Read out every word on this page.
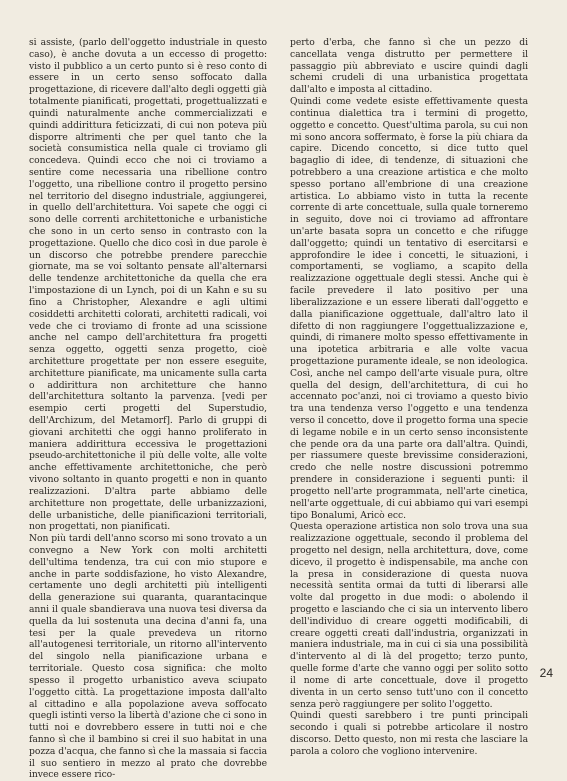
si assiste, (parlo dell'oggetto industriale in questo caso), è anche dovuta a un eccesso di progetto: visto il pubblico a un certo punto si è reso conto di essere in un certo senso soffocato dalla progettazione, di ricevere dall'alto degli oggetti già totalmente pianificati, progettati, progettualizzati e quindi naturalmente anche commercializzati e quindi addirittura feticizzati, di cui non poteva più disporre altrimenti che per quel tanto che la società consumistica nella quale ci troviamo gli concedeva. Quindi ecco che noi ci troviamo a sentire come necessaria una ribellione contro l'oggetto, una ribellione contro il progetto persino nel territorio del disegno industriale, aggiungerei, in quello dell'architettura. Voi sapete che oggi ci sono delle correnti architettoniche e urbanistiche che sono in un certo senso in contrasto con la progettazione. Quello che dico così in due parole è un discorso che potrebbe prendere parecchie giornate, ma se voi soltanto pensate all'alternarsi delle tendenze architettoniche da quella che era l'impostazione di un Lynch, poi di un Kahn e su su fino a Christopher, Alexandre e agli ultimi cosiddetti architetti colorati, architetti radicali, voi vede che ci troviamo di fronte ad una scissione anche nel campo dell'architettura fra progetti senza oggetto, oggetti senza progetto, cioè architetture progettate per non essere eseguite, architetture pianificate, ma unicamente sulla carta o addirittura non architetture che hanno dell'architettura soltanto la parvenza. [vedi per esempio certi progetti del Superstudio, dell'Archizum, del Metamorf]. Parlo di gruppi di giovani architetti che oggi hanno proliferato in maniera addirittura eccessiva le progettazioni pseudo-architettoniche il più delle volte, alle volte anche effettivamente architettoniche, che però vivono soltanto in quanto progetti e non in quanto realizzazioni. D'altra parte abbiamo delle architetture non progettate, delle urbanizzazioni, delle urbanistiche, delle pianificazioni territoriali, non progettati, non pianificati.

Non più tardi dell'anno scorso mi sono trovato a un convegno a New York con molti architetti dell'ultima tendenza, tra cui con mio stupore e anche in parte soddisfazione, ho visto Alexandre, certamente uno degli architetti più intelligenti della generazione sui quaranta, quarantacinque anni il quale sbandierava una nuova tesi diversa da quella da lui sostenuta una decina d'anni fa, una tesi per la quale prevedeva un ritorno all'autogenesi territoriale, un ritorno all'intervento del singolo nella pianificazione urbana e territoriale. Questo cosa significa: che molto spesso il progetto urbanistico aveva sciupato l'oggetto città. La progettazione imposta dall'alto al cittadino e alla popolazione aveva soffocato quegli istinti verso la libertà d'azione che ci sono in tutti noi e dovrebbero essere in tutti noi e che fanno sì che il bambino si crei il suo habitat in una pozza d'acqua, che fanno sì che la massaia si faccia il suo sentiero in mezzo al prato che dovrebbe invece essere rico-

perto d'erba, che fanno sì che un pezzo di cancellata venga distrutto per permettere il passaggio più abbreviato e uscire quindi dagli schemi crudeli di una urbanistica progettata dall'alto e imposta al cittadino.

Quindi come vedete esiste effettivamente questa continua dialettica tra i termini di progetto, oggetto e concetto. Quest'ultima parola, su cui non mi sono ancora soffermato, è forse la più chiara da capire. Dicendo concetto, si dice tutto quel bagaglio di idee, di tendenze, di situazioni che potrebbero a una creazione artistica e che molto spesso portano all'embrione di una creazione artistica. Lo abbiamo visto in tutta la recente corrente di arte concettuale, sulla quale torneremo in seguito, dove noi ci troviamo ad affrontare un'arte basata sopra un concetto e che rifugge dall'oggetto; quindi un tentativo di esercitarsi e approfondire le idee i concetti, le situazioni, i comportamenti, se vogliamo, a scapito della realizzazione oggettuale degli stessi. Anche qui è facile prevedere il lato positivo per una liberalizzazione e un essere liberati dall'oggetto e dalla pianificazione oggettuale, dall'altro lato il difetto di non raggiungere l'oggettualizzazione e, quindi, di rimanere molto spesso effettivamente in una ipotetica arbitraria e alle volte vacua progettazione puramente ideale, se non ideologica. Così, anche nel campo dell'arte visuale pura, oltre quella del design, dell'architettura, di cui ho accennato poc'anzi, noi ci troviamo a questo bivio tra una tendenza verso l'oggetto e una tendenza verso il concetto, dove il progetto forma una specie di legame nobile e in un certo senso inconsistente che pende ora da una parte ora dall'altra. Quindi, per riassumere queste brevissime considerazioni, credo che nelle nostre discussioni potremmo prendere in considerazione i seguenti punti: il progetto nell'arte programmata, nell'arte cinetica, nell'arte oggettuale, di cui abbiamo qui vari esempi tipo Bonalumi, Aricò ecc.

Questa operazione artistica non solo trova una sua realizzazione oggettuale, secondo il problema del progetto nel design, nella architettura, dove, come dicevo, il progetto è indispensabile, ma anche con la presa in considerazione di questa nuova necessità sentita ormai da tutti di liberarsi alle volte dal progetto in due modi: o abolendo il progetto e lasciando che ci sia un intervento libero dell'individuo di creare oggetti modificabili, di creare oggetti creati dall'industria, organizzati in maniera industriale, ma in cui ci sia una possibilità d'intervento al di là del progetto; terzo punto, quelle forme d'arte che vanno oggi per solito sotto il nome di arte concettuale, dove il progetto diventa in un certo senso tutt'uno con il concetto senza però raggiungere per solito l'oggetto.

Quindi questi sarebbero i tre punti principali secondo i quali si potrebbe articolare il nostro discorso. Detto questo, non mi resta che lasciare la parola a coloro che vogliono intervenire.

24
